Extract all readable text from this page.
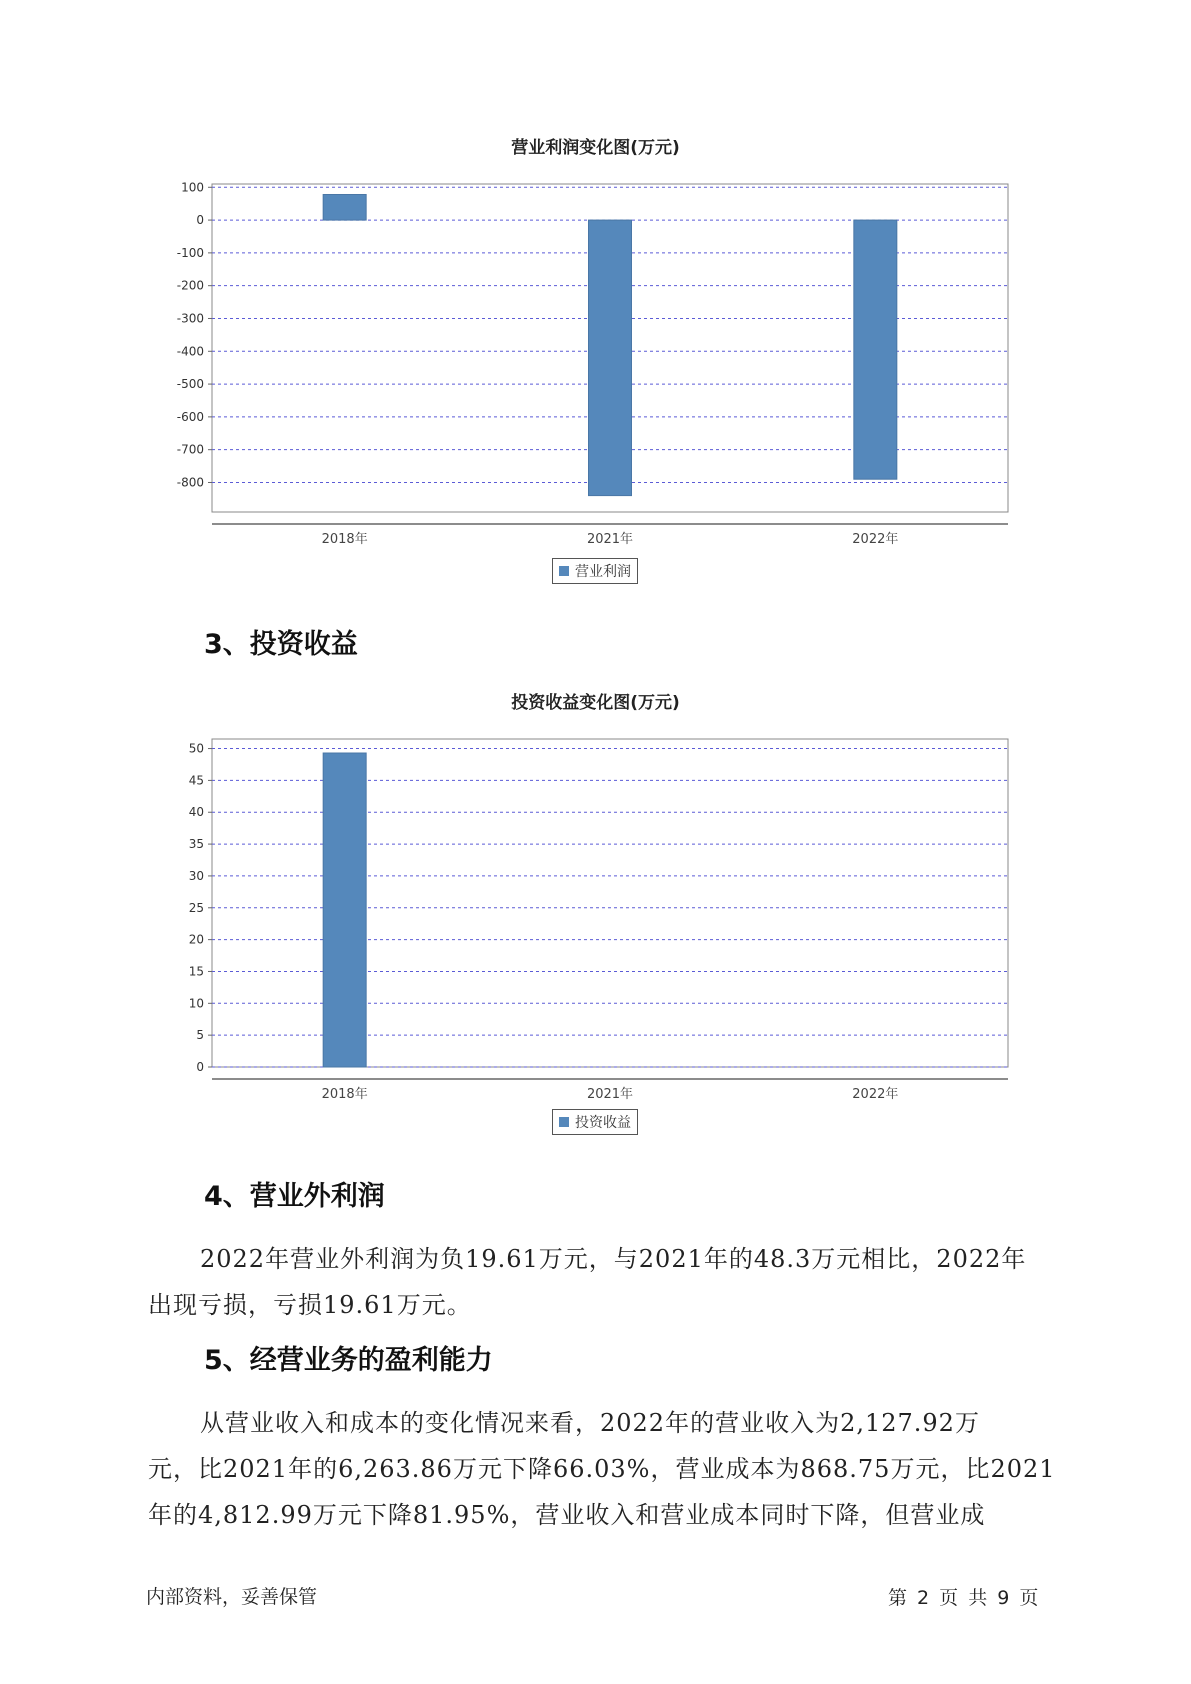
营业利润变化图(万元)
100
0
-100
-200
-300
-400
-500
-600
-700
-800
2018年	2021年	2022年
营业利润
3、投资收益
投资收益变化图(万元)
50
45
40
35
30
25
20
15
10
5
0
2018年	2021年	2022年
投资收益
4、营业外利润
2022年营业外利润为负19.61万元，与2021年的48.3万元相比，2022年
出现亏损，亏损19.61万元。
5、经营业务的盈利能力
从营业收入和成本的变化情况来看，2022年的营业收入为2,127.92万
元，比2021年的6,263.86万元下降66.03%，营业成本为868.75万元，比2021
年的4,812.99万元下降81.95%，营业收入和营业成本同时下降，但营业成
内部资料，妥善保管	第 2 页 共 9 页
